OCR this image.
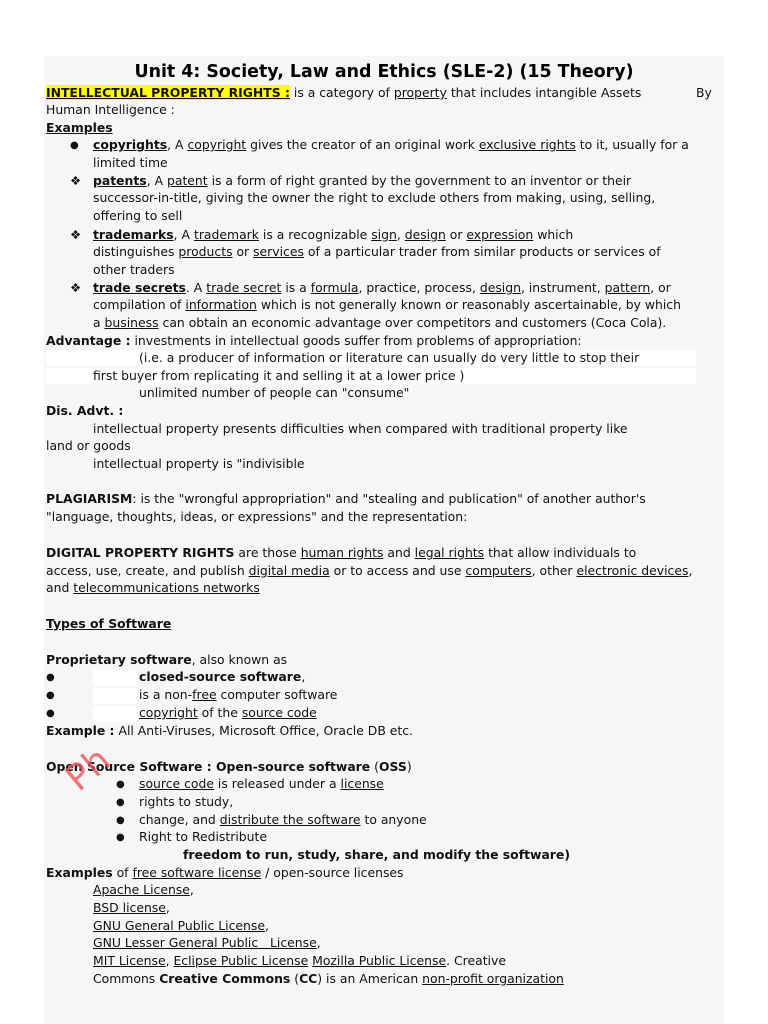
Unit 4: Society, Law and Ethics (SLE-2) (15 Theory)
INTELLECTUAL PROPERTY RIGHTS : is a category of property that includes intangible Assets	By
Human Intelligence :
Examples
● copyrights, A copyright gives the creator of an original work exclusive rights to it, usually for a
limited time
❖ patents, A patent is a form of right granted by the government to an inventor or their
successor-in-title, giving the owner the right to exclude others from making, using, selling,
offering to sell
❖ trademarks, A trademark is a recognizable sign, design or expression which
distinguishes products or services of a particular trader from similar products or services of
other traders
❖ trade secrets. A trade secret is a formula, practice, process, design, instrument, pattern, or
compilation of information which is not generally known or reasonably ascertainable, by which
a business can obtain an economic advantage over competitors and customers (Coca Cola).
Advantage : investments in intellectual goods suffer from problems of appropriation:
(i.e. a producer of information or literature can usually do very little to stop their
first buyer from replicating it and selling it at a lower price )
unlimited number of people can "consume"
Dis. Advt. :
intellectual property presents difficulties when compared with traditional property like
land or goods
intellectual property is "indivisible
PLAGIARISM: is the "wrongful appropriation" and "stealing and publication" of another author's
"language, thoughts, ideas, or expressions" and the representation:
DIGITAL PROPERTY RIGHTS are those human rights and legal rights that allow individuals to
access, use, create, and publish digital media or to access and use computers, other electronic devices,
and telecommunications networks
Types of Software
Proprietary software, also known as
●	closed-source software,
●	is a non-free computer software
●	copyright of the source code
Example : All Anti-Viruses, Microsoft Office, Oracle DB etc.
Open Source Software : Open-source software (OSS)
Ph
● source code is released under a license
● rights to study,
● change, and distribute the software to anyone
● Right to Redistribute
freedom to run, study, share, and modify the software)
Examples of free software license / open-source licenses
Apache License,
BSD license,
GNU General Public License,
GNU Lesser General Public   License,
MIT License, Eclipse Public License Mozilla Public License. Creative
Commons Creative Commons (CC) is an American non-profit organization
